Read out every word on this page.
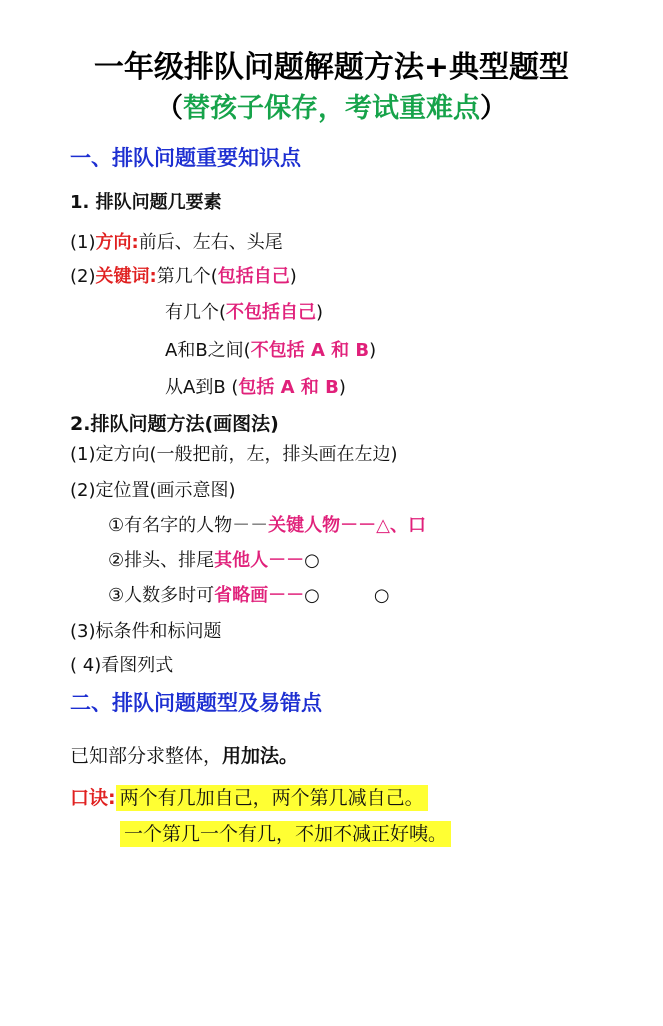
一年级排队问题解题方法+典型题型
（替孩子保存，考试重难点）
一、排队问题重要知识点
1. 排队问题几要素
(1)方向:前后、左右、头尾
(2)关键词:第几个(包括自己)
有几个(不包括自己)
A和B之间(不包括 A 和 B)
从A到B (包括 A 和 B)
2.排队问题方法(画图法)
(1)定方向(一般把前，左，排头画在左边)
(2)定位置(画示意图)
①有名字的人物－－关键人物－－△、口
②排头、排尾其他人－－○
③人数多时可省略画－－○　　　○
(3)标条件和标问题
( 4)看图列式
二、排队问题题型及易错点
已知部分求整体，用加法。
口诀: 两个有几加自己，两个第几减自己。
一个第几一个有几，不加不减正好咦。
